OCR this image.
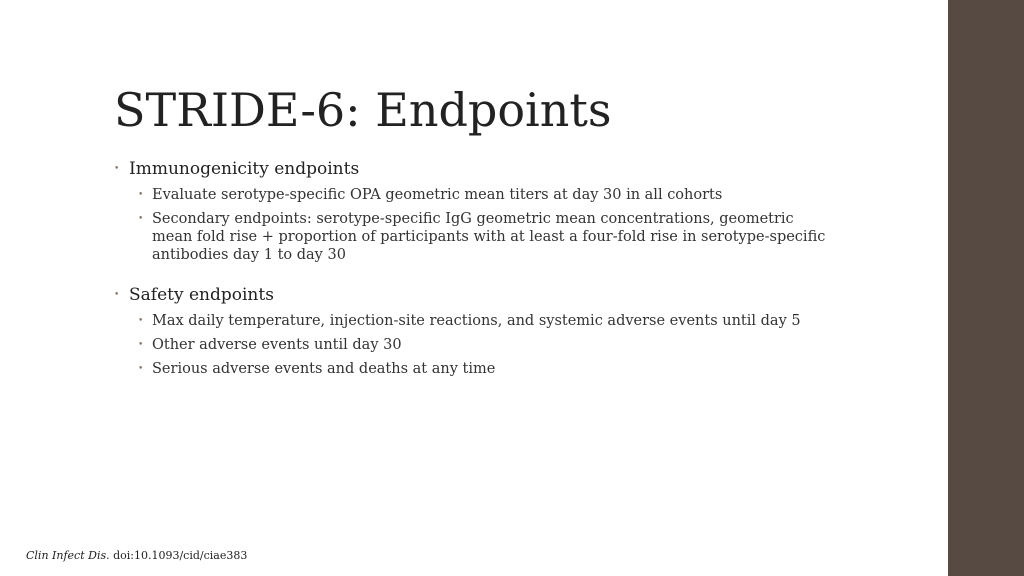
STRIDE-6: Endpoints
• Immunogenicity endpoints
• Evaluate serotype-specific OPA geometric mean titers at day 30 in all cohorts
• Secondary endpoints: serotype-specific IgG geometric mean concentrations, geometric mean fold rise + proportion of participants with at least a four-fold rise in serotype-specific antibodies day 1 to day 30
• Safety endpoints
• Max daily temperature, injection-site reactions, and systemic adverse events until day 5
• Other adverse events until day 30
• Serious adverse events and deaths at any time
Clin Infect Dis. doi:10.1093/cid/ciae383
